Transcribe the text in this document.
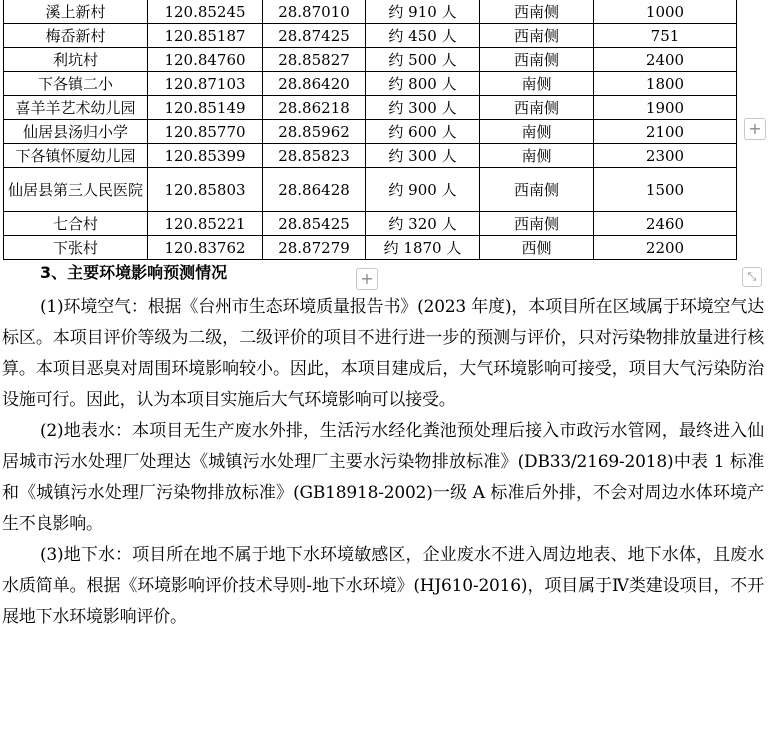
溪上新村	120.85245	28.87010	约 910 人	西南侧	1000
梅岙新村	120.85187	28.87425	约 450 人	西南侧	751
利坑村	120.84760	28.85827	约 500 人	西南侧	2400
下各镇二小	120.87103	28.86420	约 800 人	南侧	1800
喜羊羊艺术幼儿园	120.85149	28.86218	约 300 人	西南侧	1900
仙居县汤归小学	120.85770	28.85962	约 600 人	南侧	2100
下各镇怀厦幼儿园	120.85399	28.85823	约 300 人	南侧	2300
仙居县第三人民医院	120.85803	28.86428	约 900 人	西南侧	1500
七合村	120.85221	28.85425	约 320 人	西南侧	2460
下张村	120.83762	28.87279	约 1870 人	西侧	2200
+
+	⤡
3、主要环境影响预测情况

(1)环境空气：根据《台州市生态环境质量报告书》(2023 年度)，本项目所在区域属于环境空气达标区。本项目评价等级为二级，二级评价的项目不进行进一步的预测与评价，只对污染物排放量进行核算。本项目恶臭对周围环境影响较小。因此，本项目建成后，大气环境影响可接受，项目大气污染防治设施可行。因此，认为本项目实施后大气环境影响可以接受。

(2)地表水：本项目无生产废水外排，生活污水经化粪池预处理后接入市政污水管网，最终进入仙居城市污水处理厂处理达《城镇污水处理厂主要水污染物排放标准》(DB33/2169-2018)中表 1 标准和《城镇污水处理厂污染物排放标准》(GB18918-2002)一级 A 标准后外排，不会对周边水体环境产生不良影响。

(3)地下水：项目所在地不属于地下水环境敏感区，企业废水不进入周边地表、地下水体，且废水水质简单。根据《环境影响评价技术导则-地下水环境》(HJ610-2016)，项目属于Ⅳ类建设项目，不开展地下水环境影响评价。
